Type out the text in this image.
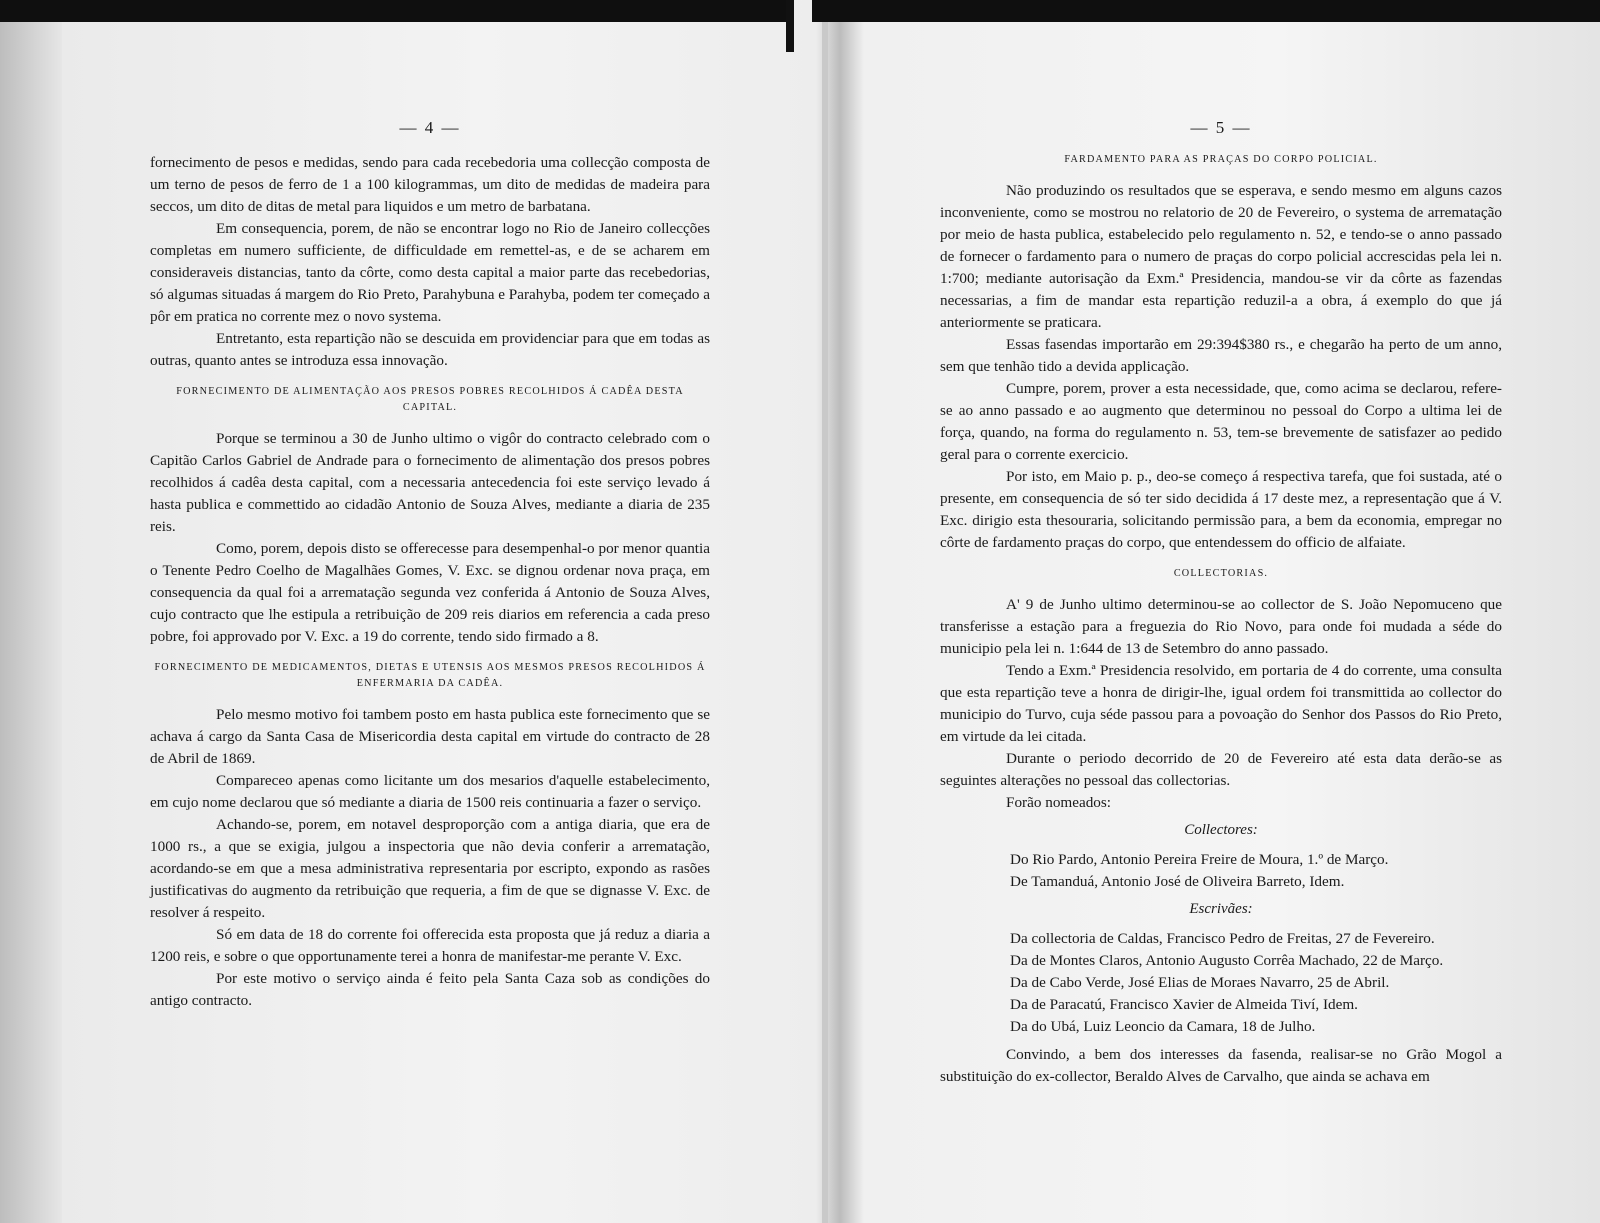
— 4 —

fornecimento de pesos e medidas, sendo para cada recebedoria uma collecção composta de um terno de pesos de ferro de 1 a 100 kilogrammas, um dito de medidas de madeira para seccos, um dito de ditas de metal para liquidos e um metro de barbatana.

Em consequencia, porem, de não se encontrar logo no Rio de Janeiro collecções completas em numero sufficiente, de difficuldade em remettel-as, e de se acharem em consideraveis distancias, tanto da côrte, como desta capital a maior parte das recebedorias, só algumas situadas á margem do Rio Preto, Parahybuna e Parahyba, podem ter começado a pôr em pratica no corrente mez o novo systema.

Entretanto, esta repartição não se descuida em providenciar para que em todas as outras, quanto antes se introduza essa innovação.

FORNECIMENTO DE ALIMENTAÇÃO AOS PRESOS POBRES RECOLHIDOS Á CADÊA DESTA CAPITAL.

Porque se terminou a 30 de Junho ultimo o vigôr do contracto celebrado com o Capitão Carlos Gabriel de Andrade para o fornecimento de alimentação dos presos pobres recolhidos á cadêa desta capital, com a necessaria antecedencia foi este serviço levado á hasta publica e commettido ao cidadão Antonio de Souza Alves, mediante a diaria de 235 reis.

Como, porem, depois disto se offerecesse para desempenhal-o por menor quantia o Tenente Pedro Coelho de Magalhães Gomes, V. Exc. se dignou ordenar nova praça, em consequencia da qual foi a arrematação segunda vez conferida á Antonio de Souza Alves, cujo contracto que lhe estipula a retribuição de 209 reis diarios em referencia a cada preso pobre, foi approvado por V. Exc. a 19 do corrente, tendo sido firmado a 8.

FORNECIMENTO DE MEDICAMENTOS, DIETAS E UTENSIS AOS MESMOS PRESOS RECOLHIDOS Á ENFERMARIA DA CADÊA.

Pelo mesmo motivo foi tambem posto em hasta publica este fornecimento que se achava á cargo da Santa Casa de Misericordia desta capital em virtude do contracto de 28 de Abril de 1869.

Compareceo apenas como licitante um dos mesarios d'aquelle estabelecimento, em cujo nome declarou que só mediante a diaria de 1500 reis continuaria a fazer o serviço.

Achando-se, porem, em notavel desproporção com a antiga diaria, que era de 1000 rs., a que se exigia, julgou a inspectoria que não devia conferir a arrematação, acordando-se em que a mesa administrativa representaria por escripto, expondo as rasões justificativas do augmento da retribuição que requeria, a fim de que se dignasse V. Exc. de resolver á respeito.

Só em data de 18 do corrente foi offerecida esta proposta que já reduz a diaria a 1200 reis, e sobre o que opportunamente terei a honra de manifestar-me perante V. Exc.

Por este motivo o serviço ainda é feito pela Santa Caza sob as condições do antigo contracto.

— 5 —
FARDAMENTO PARA AS PRAÇAS DO CORPO POLICIAL.

Não produzindo os resultados que se esperava, e sendo mesmo em alguns cazos inconveniente, como se mostrou no relatorio de 20 de Fevereiro, o systema de arrematação por meio de hasta publica, estabelecido pelo regulamento n. 52, e tendo-se o anno passado de fornecer o fardamento para o numero de praças do corpo policial accrescidas pela lei n. 1:700; mediante autorisação da Exm.ª Presidencia, mandou-se vir da côrte as fazendas necessarias, a fim de mandar esta repartição reduzil-a a obra, á exemplo do que já anteriormente se praticara.

Essas fasendas importarão em 29:394$380 rs., e chegarão ha perto de um anno, sem que tenhão tido a devida applicação.

Cumpre, porem, prover a esta necessidade, que, como acima se declarou, refere-se ao anno passado e ao augmento que determinou no pessoal do Corpo a ultima lei de força, quando, na forma do regulamento n. 53, tem-se brevemente de satisfazer ao pedido geral para o corrente exercicio.

Por isto, em Maio p. p., deo-se começo á respectiva tarefa, que foi sustada, até o presente, em consequencia de só ter sido decidida á 17 deste mez, a representação que á V. Exc. dirigio esta thesouraria, solicitando permissão para, a bem da economia, empregar no côrte de fardamento praças do corpo, que entendessem do officio de alfaiate.

COLLECTORIAS.

A' 9 de Junho ultimo determinou-se ao collector de S. João Nepomuceno que transferisse a estação para a freguezia do Rio Novo, para onde foi mudada a séde do municipio pela lei n. 1:644 de 13 de Setembro do anno passado.

Tendo a Exm.ª Presidencia resolvido, em portaria de 4 do corrente, uma consulta que esta repartição teve a honra de dirigir-lhe, igual ordem foi transmittida ao collector do municipio do Turvo, cuja séde passou para a povoação do Senhor dos Passos do Rio Preto, em virtude da lei citada.

Durante o periodo decorrido de 20 de Fevereiro até esta data derão-se as seguintes alterações no pessoal das collectorias.

Forão nomeados:

Collectores:
Do Rio Pardo, Antonio Pereira Freire de Moura, 1.º de Março.
De Tamanduá, Antonio José de Oliveira Barreto, Idem.
Escrivães:
Da collectoria de Caldas, Francisco Pedro de Freitas, 27 de Fevereiro.
Da de Montes Claros, Antonio Augusto Corrêa Machado, 22 de Março.
Da de Cabo Verde, José Elias de Moraes Navarro, 25 de Abril.
Da de Paracatú, Francisco Xavier de Almeida Tiví, Idem.
Da do Ubá, Luiz Leoncio da Camara, 18 de Julho.

Convindo, a bem dos interesses da fasenda, realisar-se no Grão Mogol a substituição do ex-collector, Beraldo Alves de Carvalho, que ainda se achava em
